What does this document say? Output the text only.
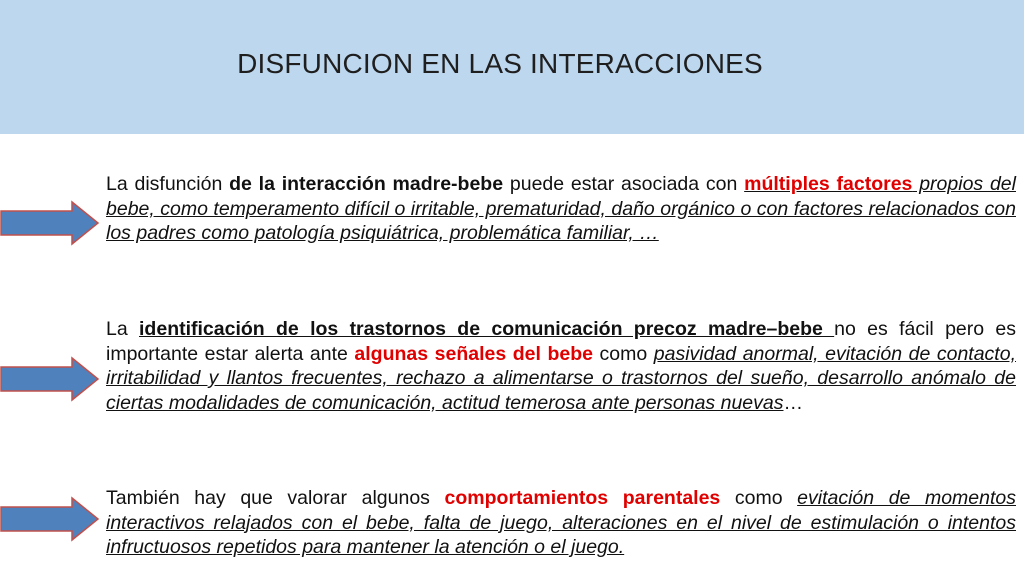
DISFUNCION EN LAS INTERACCIONES
La disfunción de la interacción madre-bebe puede estar asociada con múltiples factores propios del bebe, como temperamento difícil o irritable, prematuridad, daño orgánico o con factores relacionados con los padres como patología psiquiátrica, problemática familiar, …
La identificación de los trastornos de comunicación precoz madre–bebe no es fácil pero es importante estar alerta ante algunas señales del bebe como pasividad anormal, evitación de contacto, irritabilidad y llantos frecuentes, rechazo a alimentarse o trastornos del sueño, desarrollo anómalo de ciertas modalidades de comunicación, actitud temerosa ante personas nuevas…
También hay que valorar algunos comportamientos parentales como evitación de momentos interactivos relajados con el bebe, falta de juego, alteraciones en el nivel de estimulación o intentos infructuosos repetidos para mantener la atención o el juego.
